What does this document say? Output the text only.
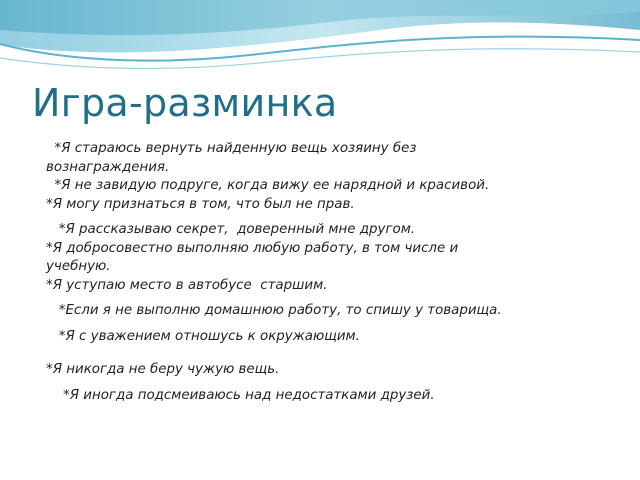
Игра-разминка
*Я стараюсь вернуть найденную вещь хозяину без
вознаграждения.
*Я не завидую подруге, когда вижу ее нарядной и красивой.
*Я могу признаться в том, что был не прав.
*Я рассказываю секрет,  доверенный мне другом.
*Я добросовестно выполняю любую работу, в том числе и
учебную.
*Я уступаю место в автобусе  старшим.
*Если я не выполню домашнюю работу, то спишу у товарища.
*Я с уважением отношусь к окружающим.
*Я никогда не беру чужую вещь.
*Я иногда подсмеиваюсь над недостатками друзей.
